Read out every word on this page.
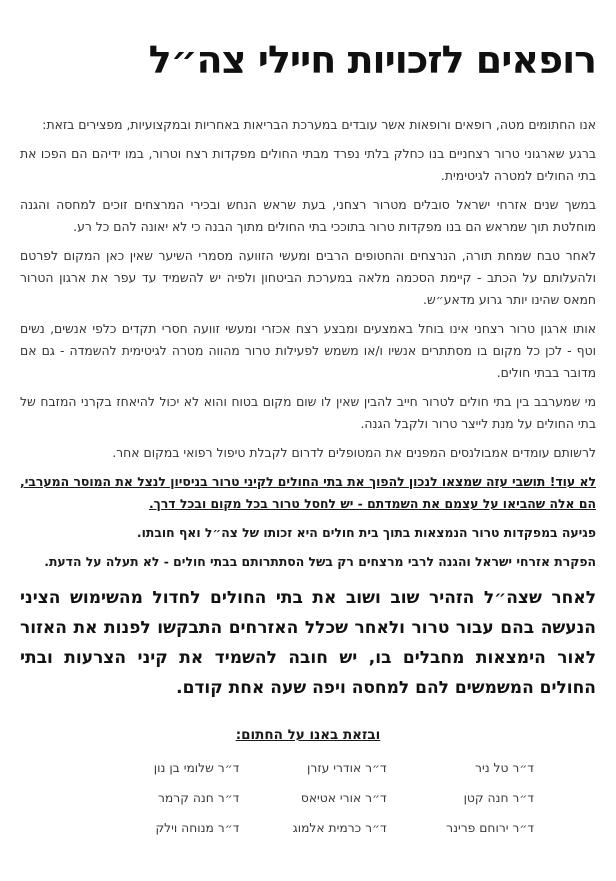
רופאים לזכויות חיילי צה״ל

אנו החתומים מטה, רופאים ורופאות אשר עובדים במערכת הבריאות באחריות ובמקצועיות, מפצירים בזאת:

ברגע שארגוני טרור רצחניים בנו כחלק בלתי נפרד מבתי החולים מפקדות רצח וטרור, במו ידיהם הם הפכו את בתי החולים למטרה לגיטימית.

במשך שנים אזרחי ישראל סובלים מטרור רצחני, בעת שראש הנחש ובכירי המרצחים זוכים למחסה והגנה מוחלטת תוך שמראש הם בנו מפקדות טרור בתוככי בתי החולים מתוך הבנה כי לא יאונה להם כל רע.

לאחר טבח שמחת תורה, הנרצחים והחטופים הרבים ומעשי הזוועה מסמרי השיער שאין כאן המקום לפרטם ולהעלותם על הכתב - קיימת הסכמה מלאה במערכת הביטחון ולפיה יש להשמיד עד עפר את ארגון הטרור חמאס שהינו יותר גרוע מדאע״ש.

אותו ארגון טרור רצחני אינו בוחל באמצעים ומבצע רצח אכזרי ומעשי זוועה חסרי תקדים כלפי אנשים, נשים וטף - לכן כל מקום בו מסתתרים אנשיו ו/או משמש לפעילות טרור מהווה מטרה לגיטימית להשמדה - גם אם מדובר בבתי חולים.

מי שמערבב בין בתי חולים לטרור חייב להבין שאין לו שום מקום בטוח והוא לא יכול להיאחז בקרני המזבח של בתי החולים על מנת לייצר טרור ולקבל הגנה.

לרשותם עומדים אמבולנסים המפנים את המטופלים לדרום לקבלת טיפול רפואי במקום אחר.

לא עוד! תושבי עזה שמצאו לנכון להפוך את בתי החולים לקיני טרור בניסיון לנצל את המוסר המערבי, הם אלה שהביאו על עצמם את השמדתם - יש לחסל טרור בכל מקום ובכל דרך.

פגיעה במפקדות טרור הנמצאות בתוך בית חולים היא זכותו של צה״ל ואף חובתו.

הפקרת אזרחי ישראל והגנה לרבי מרצחים רק בשל הסתתרותם בבתי חולים - לא תעלה על הדעת.

לאחר שצה״ל הזהיר שוב ושוב את בתי החולים לחדול מהשימוש הציני הנעשה בהם עבור טרור ולאחר שכלל האזרחים התבקשו לפנות את האזור לאור הימצאות מחבלים בו, יש חובה להשמיד את קיני הצרעות ובתי החולים המשמשים להם למחסה ויפה שעה אחת קודם.

ובזאת באנו על החתום:
ד״ר טל ניר
ד״ר אודרי עזרן
ד״ר שלומי בן נון
ד״ר חנה קטן
ד״ר אורי אטיאס
ד״ר חנה קרמר
ד״ר ירוחם פרינר
ד״ר כרמית אלמוג
ד״ר מנוחה וילק
